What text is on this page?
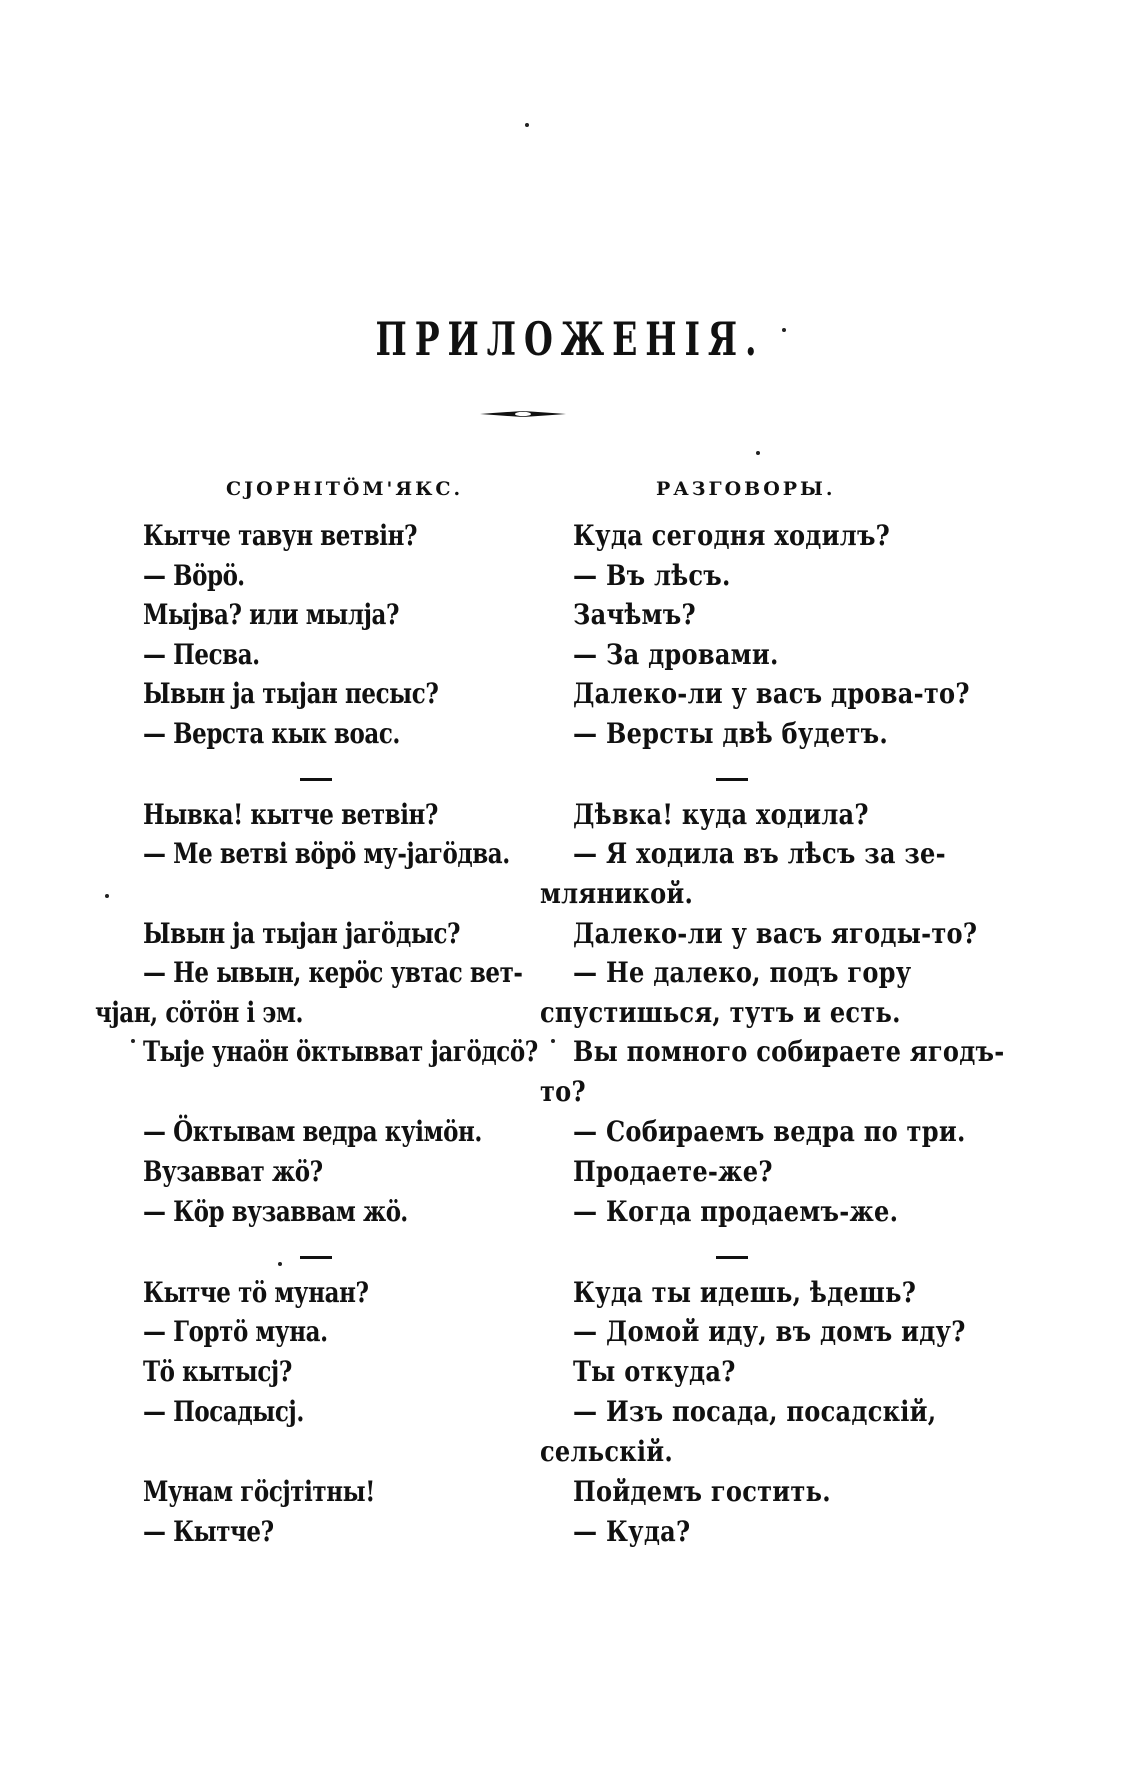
ПРИЛОЖЕНІЯ.
СJОРНІТÖМ'ЯКС.	РАЗГОВОРЫ.
Кытче тавун ветвiн?
— Вöрö.
Мыjва? или мылjа?
— Песва.
Ывын jа тыjан песыс?
— Верста кык воас.
Нывка! кытче ветвiн?
— Ме ветвi вöрö му-jагöдва.
Ывын jа тыjан jагöдыс?
— Не ывын, керöс увтас вет-
чjан, сöтöн i эм.
Тыjе унаöн öктывват jагöдсö?
— Öктывам ведра куiмöн.
Вузавват жö?
— Кöр вузаввам жö.
Кытче тö мунан?
— Гортö муна.
Тö кытысj?
— Посадысj.
Мунам гöсjтiтны!
— Кытче?
Куда сегодня ходилъ?
— Въ лѣсъ.
Зачѣмъ?
— За дровами.
Далеко-ли у васъ дрова-то?
— Версты двѣ будетъ.
Дѣвка! куда ходила?
— Я ходила въ лѣсъ за зе-
мляникой.
Далеко-ли у васъ ягоды-то?
— Не далеко, подъ гору
спустишься, тутъ и есть.
Вы помного собираете ягодъ-
то?
— Собираемъ ведра по три.
Продаете-же?
— Когда продаемъ-же.
Куда ты идешь, ѣдешь?
— Домой иду, въ домъ иду?
Ты откуда?
— Изъ посада, посадскій,
сельскій.
Пойдемъ гостить.
— Куда?
